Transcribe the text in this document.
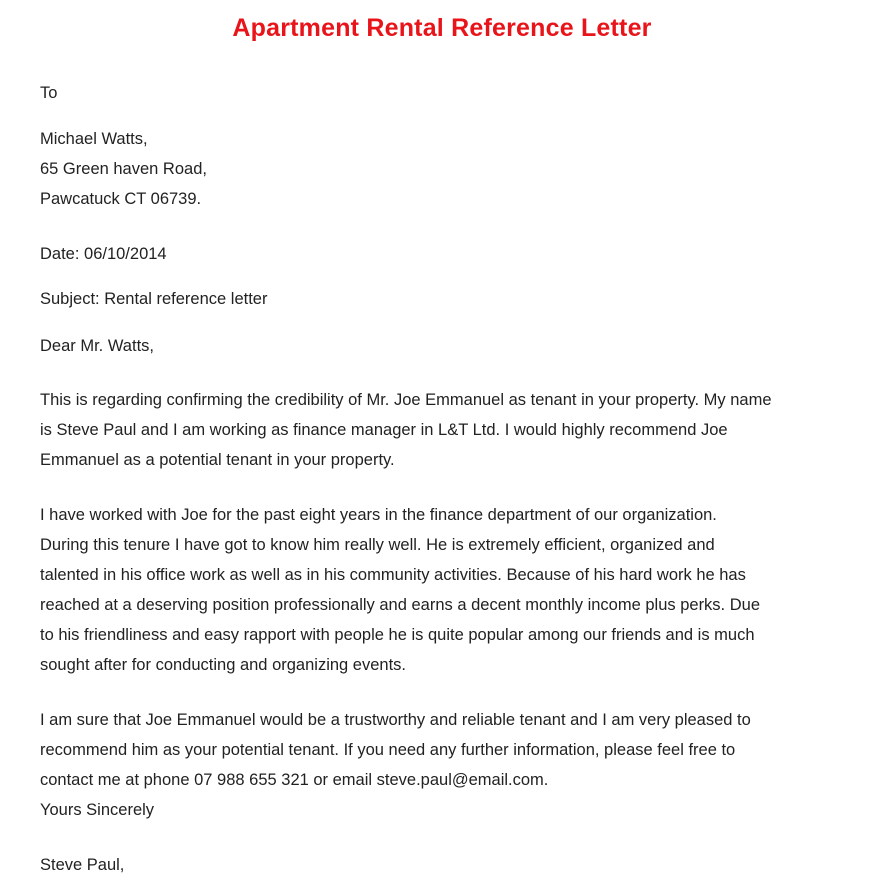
Apartment Rental Reference Letter
To
Michael Watts,
65 Green haven Road,
Pawcatuck CT 06739.
Date: 06/10/2014
Subject: Rental reference letter
Dear Mr. Watts,
This is regarding confirming the credibility of Mr. Joe Emmanuel as tenant in your property. My name
is Steve Paul and I am working as finance manager in L&T Ltd. I would highly recommend Joe
Emmanuel as a potential tenant in your property.
I have worked with Joe for the past eight years in the finance department of our organization.
During this tenure I have got to know him really well. He is extremely efficient, organized and
talented in his office work as well as in his community activities. Because of his hard work he has
reached at a deserving position professionally and earns a decent monthly income plus perks. Due
to his friendliness and easy rapport with people he is quite popular among our friends and is much
sought after for conducting and organizing events.
I am sure that Joe Emmanuel would be a trustworthy and reliable tenant and I am very pleased to
recommend him as your potential tenant. If you need any further information, please feel free to
contact me at phone 07 988 655 321 or email steve.paul@email.com.
Yours Sincerely
Steve Paul,
